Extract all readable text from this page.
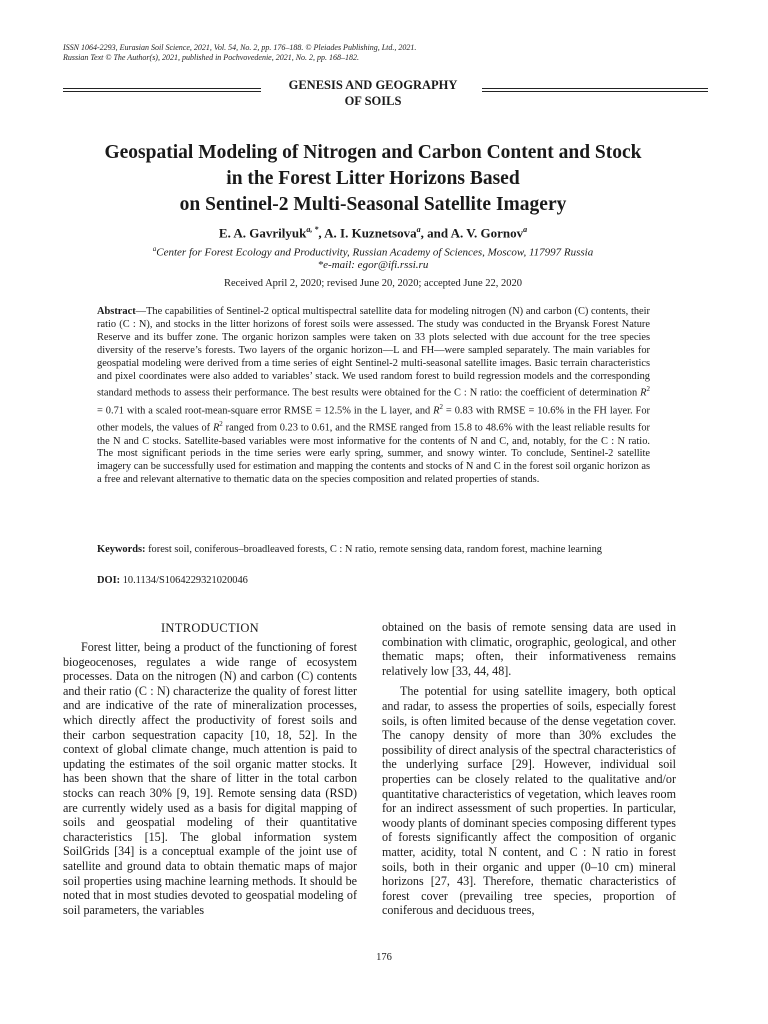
ISSN 1064-2293, Eurasian Soil Science, 2021, Vol. 54, No. 2, pp. 176–188. © Pleiades Publishing, Ltd., 2021.
Russian Text © The Author(s), 2021, published in Pochvovedenie, 2021, No. 2, pp. 168–182.
GENESIS AND GEOGRAPHY
OF SOILS
Geospatial Modeling of Nitrogen and Carbon Content and Stock
in the Forest Litter Horizons Based
on Sentinel-2 Multi-Seasonal Satellite Imagery
E. A. Gavrilyuk$^{a, *}$, A. I. Kuznetsova$^a$, and A. V. Gornov$^a$
$^a$Center for Forest Ecology and Productivity, Russian Academy of Sciences, Moscow, 117997 Russia
*e-mail: egor@ifi.rssi.ru
Received April 2, 2020; revised June 20, 2020; accepted June 22, 2020
Abstract—The capabilities of Sentinel-2 optical multispectral satellite data for modeling nitrogen (N) and carbon (C) contents, their ratio (C : N), and stocks in the litter horizons of forest soils were assessed. The study was conducted in the Bryansk Forest Nature Reserve and its buffer zone. The organic horizon samples were taken on 33 plots selected with due account for the tree species diversity of the reserve’s forests. Two layers of the organic horizon—L and FH—were sampled separately. The main variables for geospatial modeling were derived from a time series of eight Sentinel-2 multi-seasonal satellite images. Basic terrain characteristics and pixel coordinates were also added to variables’ stack. We used random forest to build regression models and the corresponding standard methods to assess their performance. The best results were obtained for the C : N ratio: the coefficient of determination $R^2 = 0.71$ with a scaled root-mean-square error RMSE = 12.5% in the L layer, and $R^2 = 0.83$ with RMSE = 10.6% in the FH layer. For other models, the values of $R^2$ ranged from 0.23 to 0.61, and the RMSE ranged from 15.8 to 48.6% with the least reliable results for the N and C stocks. Satellite-based variables were most informative for the contents of N and C, and, notably, for the C : N ratio. The most significant periods in the time series were early spring, summer, and snowy winter. To conclude, Sentinel-2 satellite imagery can be successfully used for estimation and mapping the contents and stocks of N and C in the forest soil organic horizon as a free and relevant alternative to thematic data on the species composition and related properties of stands.
Keywords: forest soil, coniferous–broadleaved forests, C : N ratio, remote sensing data, random forest, machine learning
DOI: 10.1134/S1064229321020046
INTRODUCTION

Forest litter, being a product of the functioning of forest biogeocenoses, regulates a wide range of ecosystem processes. Data on the nitrogen (N) and carbon (C) contents and their ratio (C : N) characterize the quality of forest litter and are indicative of the rate of mineralization processes, which directly affect the productivity of forest soils and their carbon sequestration capacity [10, 18, 52]. In the context of global climate change, much attention is paid to updating the estimates of the soil organic matter stocks. It has been shown that the share of litter in the total carbon stocks can reach 30% [9, 19]. Remote sensing data (RSD) are currently widely used as a basis for digital mapping of soils and geospatial modeling of their quantitative characteristics [15]. The global information system SoilGrids [34] is a conceptual example of the joint use of satellite and ground data to obtain thematic maps of major soil properties using machine learning methods. It should be noted that in most studies devoted to geospatial modeling of soil parameters, the variables

obtained on the basis of remote sensing data are used in combination with climatic, orographic, geological, and other thematic maps; often, their informativeness remains relatively low [33, 44, 48].

The potential for using satellite imagery, both optical and radar, to assess the properties of soils, especially forest soils, is often limited because of the dense vegetation cover. The canopy density of more than 30% excludes the possibility of direct analysis of the spectral characteristics of the underlying surface [29]. However, individual soil properties can be closely related to the qualitative and/or quantitative characteristics of vegetation, which leaves room for an indirect assessment of such properties. In particular, woody plants of dominant species composing different types of forests significantly affect the composition of organic matter, acidity, total N content, and C : N ratio in forest soils, both in their organic and upper (0–10 cm) mineral horizons [27, 43]. Therefore, thematic characteristics of forest cover (prevailing tree species, proportion of coniferous and deciduous trees,

176
